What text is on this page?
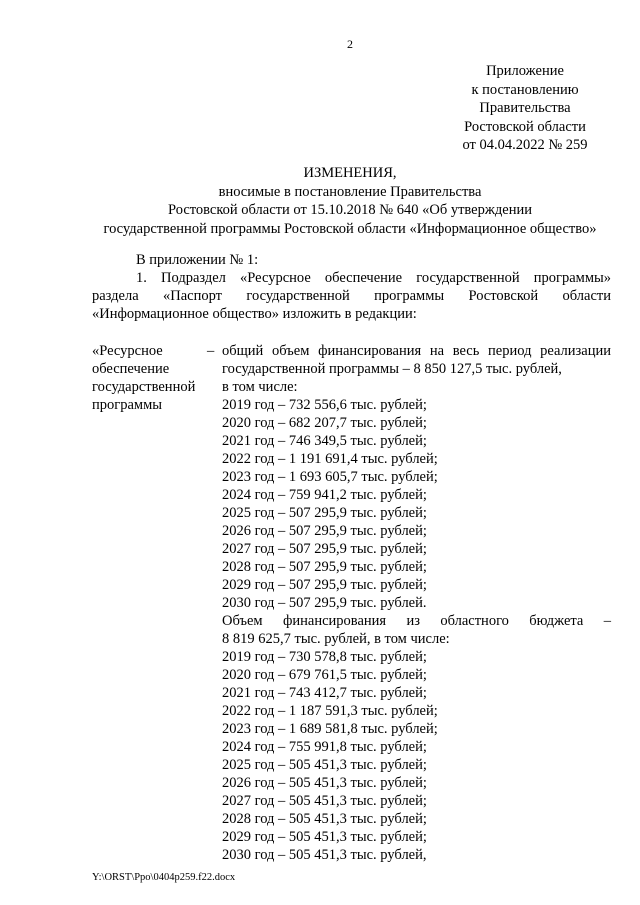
2
Приложение
к постановлению
Правительства
Ростовской области
от 04.04.2022 № 259
ИЗМЕНЕНИЯ,
вносимые в постановление Правительства
Ростовской области от 15.10.2018 № 640 «Об утверждении
государственной программы Ростовской области «Информационное общество»
В приложении № 1:
1. Подраздел «Ресурсное обеспечение государственной программы»
раздела «Паспорт государственной программы Ростовской области
«Информационное общество» изложить в редакции:
«Ресурсное
обеспечение
государственной
программы
– общий объем финансирования на весь период реализации
государственной программы – 8 850 127,5 тыс. рублей,
в том числе:
2019 год – 732 556,6 тыс. рублей;
2020 год – 682 207,7 тыс. рублей;
2021 год – 746 349,5 тыс. рублей;
2022 год – 1 191 691,4 тыс. рублей;
2023 год – 1 693 605,7 тыс. рублей;
2024 год – 759 941,2 тыс. рублей;
2025 год – 507 295,9 тыс. рублей;
2026 год – 507 295,9 тыс. рублей;
2027 год – 507 295,9 тыс. рублей;
2028 год – 507 295,9 тыс. рублей;
2029 год – 507 295,9 тыс. рублей;
2030 год – 507 295,9 тыс. рублей.
Объем финансирования из областного бюджета –
8 819 625,7 тыс. рублей, в том числе:
2019 год – 730 578,8 тыс. рублей;
2020 год – 679 761,5 тыс. рублей;
2021 год – 743 412,7 тыс. рублей;
2022 год – 1 187 591,3 тыс. рублей;
2023 год – 1 689 581,8 тыс. рублей;
2024 год – 755 991,8 тыс. рублей;
2025 год – 505 451,3 тыс. рублей;
2026 год – 505 451,3 тыс. рублей;
2027 год – 505 451,3 тыс. рублей;
2028 год – 505 451,3 тыс. рублей;
2029 год – 505 451,3 тыс. рублей;
2030 год – 505 451,3 тыс. рублей,
Y:\ORST\Ppo\0404p259.f22.docx
